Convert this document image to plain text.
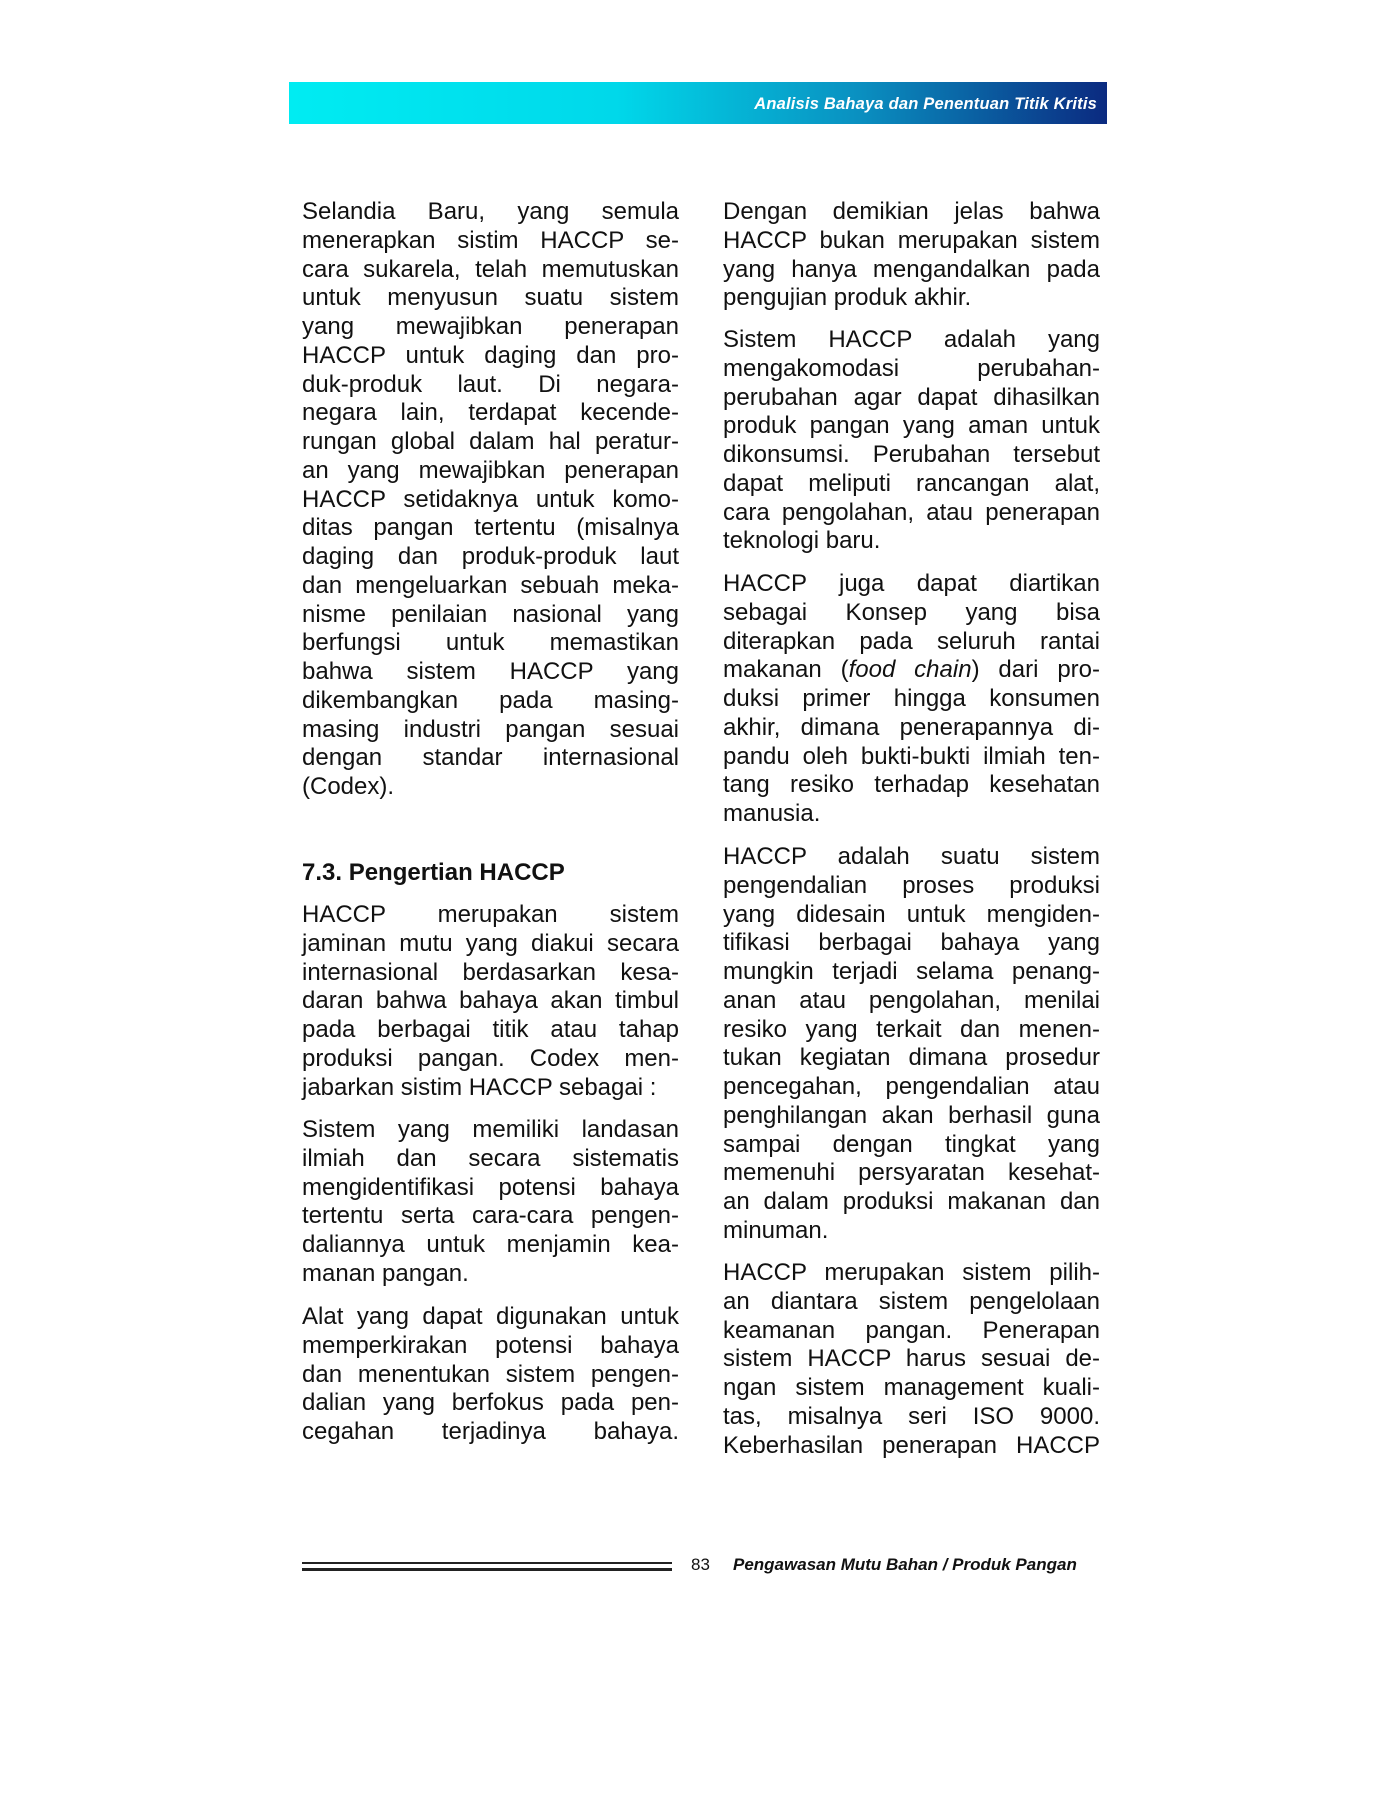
Analisis Bahaya dan Penentuan Titik Kritis
Selandia Baru, yang semula
menerapkan sistim HACCP se-
cara sukarela, telah memutuskan
untuk menyusun suatu sistem
yang mewajibkan penerapan
HACCP untuk daging dan pro-
duk-produk laut. Di negara-
negara lain, terdapat kecende-
rungan global dalam hal peratur-
an yang mewajibkan penerapan
HACCP setidaknya untuk komo-
ditas pangan tertentu (misalnya
daging dan produk-produk laut
dan mengeluarkan sebuah meka-
nisme penilaian nasional yang
berfungsi untuk memastikan
bahwa sistem HACCP yang
dikembangkan pada masing-
masing industri pangan sesuai
dengan standar internasional
(Codex).
HACCP merupakan sistem
jaminan mutu yang diakui secara
internasional berdasarkan kesa-
daran bahwa bahaya akan timbul
pada berbagai titik atau tahap
produksi pangan. Codex men-
jabarkan sistim HACCP sebagai :
Sistem yang memiliki landasan
ilmiah dan secara sistematis
mengidentifikasi potensi bahaya
tertentu serta cara-cara pengen-
daliannya untuk menjamin kea-
manan pangan.
Alat yang dapat digunakan untuk
memperkirakan potensi bahaya
dan menentukan sistem pengen-
dalian yang berfokus pada pen-
cegahan terjadinya bahaya.
7.3. Pengertian HACCP
Dengan demikian jelas bahwa
HACCP bukan merupakan sistem
yang hanya mengandalkan pada
pengujian produk akhir.
Sistem HACCP adalah yang
mengakomodasi perubahan-
perubahan agar dapat dihasilkan
produk pangan yang aman untuk
dikonsumsi. Perubahan tersebut
dapat meliputi rancangan alat,
cara pengolahan, atau penerapan
teknologi baru.
HACCP juga dapat diartikan
sebagai Konsep yang bisa
diterapkan pada seluruh rantai
makanan (food chain) dari pro-
duksi primer hingga konsumen
akhir, dimana penerapannya di-
pandu oleh bukti-bukti ilmiah ten-
tang resiko terhadap kesehatan
manusia.
HACCP adalah suatu sistem
pengendalian proses produksi
yang didesain untuk mengiden-
tifikasi berbagai bahaya yang
mungkin terjadi selama penang-
anan atau pengolahan, menilai
resiko yang terkait dan menen-
tukan kegiatan dimana prosedur
pencegahan, pengendalian atau
penghilangan akan berhasil guna
sampai dengan tingkat yang
memenuhi persyaratan kesehat-
an dalam produksi makanan dan
minuman.
HACCP merupakan sistem pilih-
an diantara sistem pengelolaan
keamanan pangan. Penerapan
sistem HACCP harus sesuai de-
ngan sistem management kuali-
tas, misalnya seri ISO 9000.
Keberhasilan penerapan HACCP
83 Pengawasan Mutu Bahan / Produk Pangan
